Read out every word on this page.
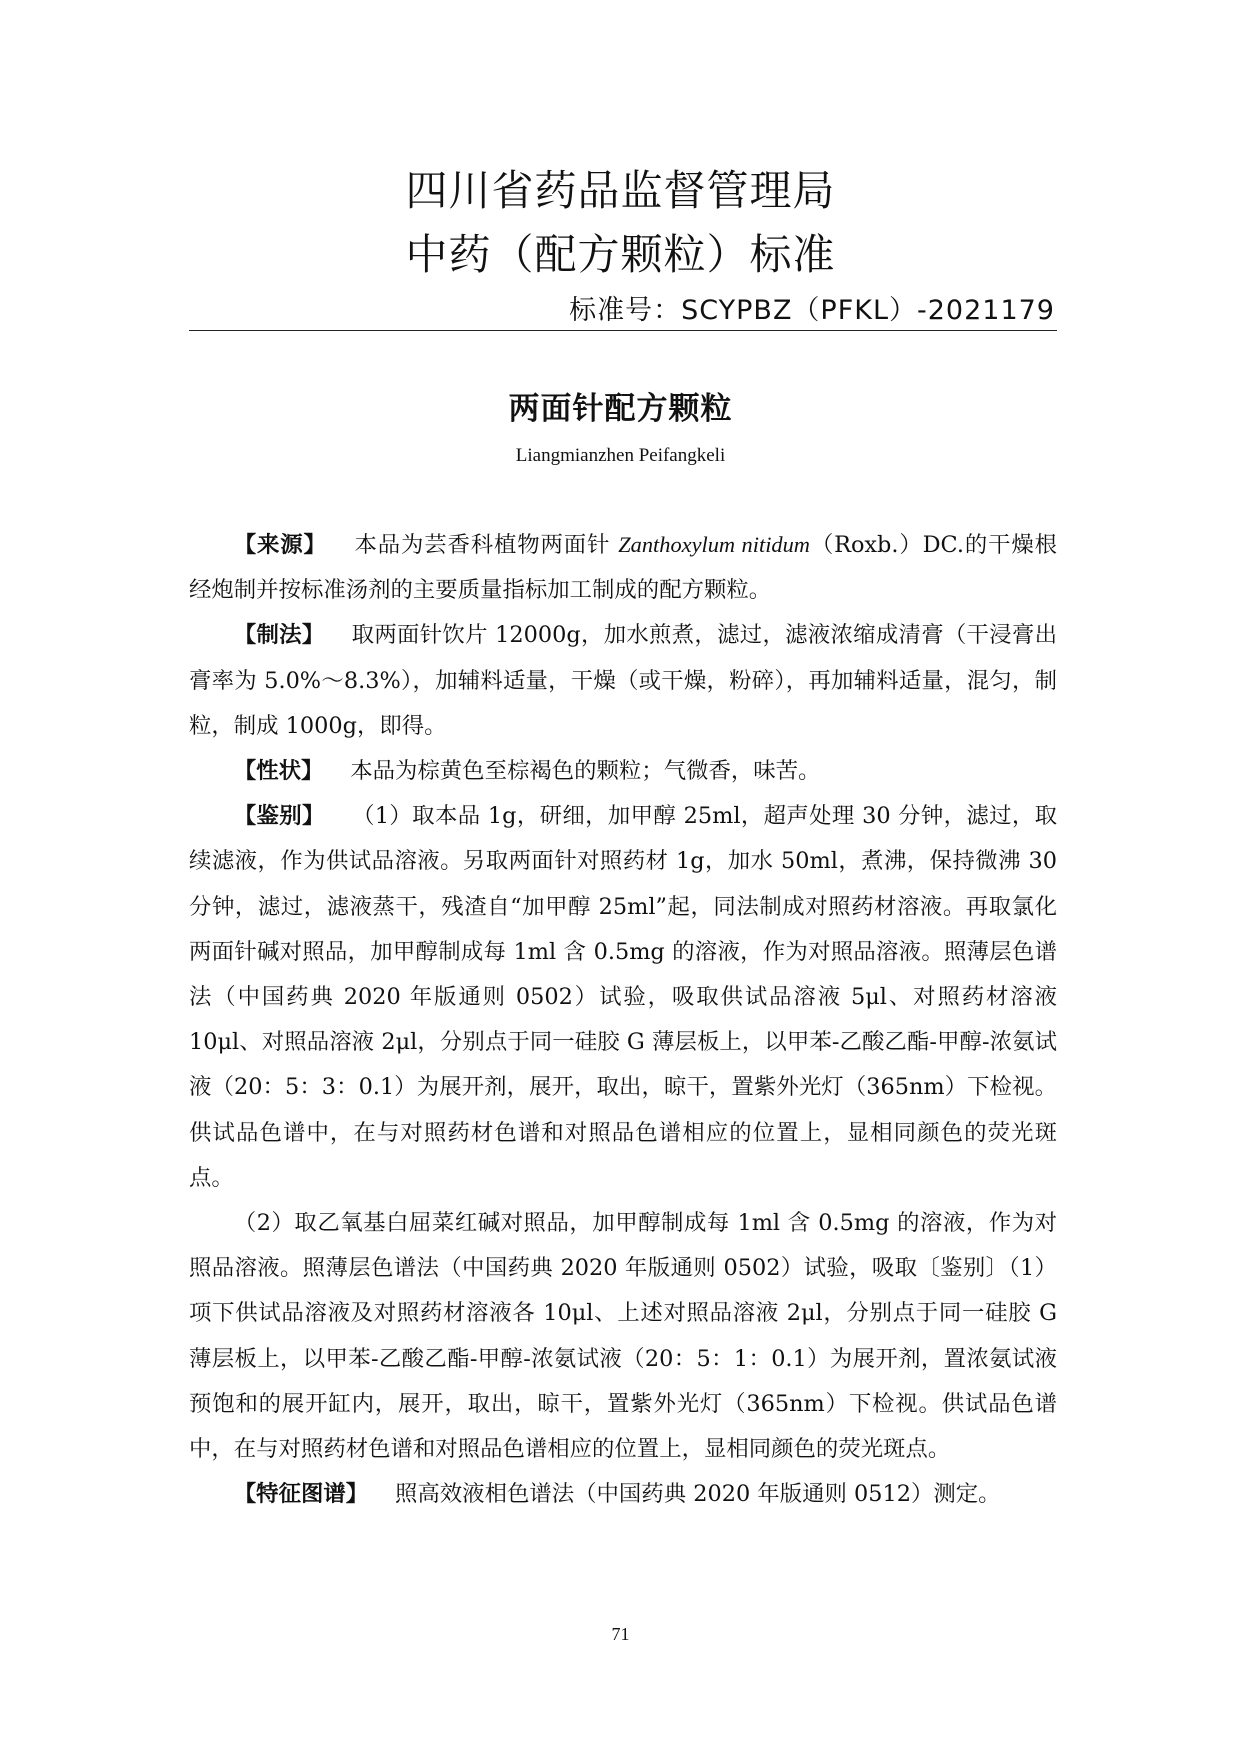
四川省药品监督管理局
中药（配方颗粒）标准
标准号：SCYPBZ（PFKL）-2021179
两面针配方颗粒
Liangmianzhen Peifangkeli

【来源】 本品为芸香科植物两面针 Zanthoxylum nitidum（Roxb.）DC.的干燥根经炮制并按标准汤剂的主要质量指标加工制成的配方颗粒。

【制法】 取两面针饮片 12000g，加水煎煮，滤过，滤液浓缩成清膏（干浸膏出膏率为 5.0%～8.3%），加辅料适量，干燥（或干燥，粉碎），再加辅料适量，混匀，制粒，制成 1000g，即得。

【性状】 本品为棕黄色至棕褐色的颗粒；气微香，味苦。

【鉴别】 （1）取本品 1g，研细，加甲醇 25ml，超声处理 30 分钟，滤过，取续滤液，作为供试品溶液。另取两面针对照药材 1g，加水 50ml，煮沸，保持微沸 30 分钟，滤过，滤液蒸干，残渣自“加甲醇 25ml”起，同法制成对照药材溶液。再取氯化两面针碱对照品，加甲醇制成每 1ml 含 0.5mg 的溶液，作为对照品溶液。照薄层色谱法（中国药典 2020 年版通则 0502）试验，吸取供试品溶液 5μl、对照药材溶液 10μl、对照品溶液 2μl，分别点于同一硅胶 G 薄层板上，以甲苯-乙酸乙酯-甲醇-浓氨试液（20：5：3：0.1）为展开剂，展开，取出，晾干，置紫外光灯（365nm）下检视。供试品色谱中，在与对照药材色谱和对照品色谱相应的位置上，显相同颜色的荧光斑点。

（2）取乙氧基白屈菜红碱对照品，加甲醇制成每 1ml 含 0.5mg 的溶液，作为对照品溶液。照薄层色谱法（中国药典 2020 年版通则 0502）试验，吸取〔鉴别〕（1）项下供试品溶液及对照药材溶液各 10μl、上述对照品溶液 2μl，分别点于同一硅胶 G 薄层板上，以甲苯-乙酸乙酯-甲醇-浓氨试液（20：5：1：0.1）为展开剂，置浓氨试液预饱和的展开缸内，展开，取出，晾干，置紫外光灯（365nm）下检视。供试品色谱中，在与对照药材色谱和对照品色谱相应的位置上，显相同颜色的荧光斑点。

【特征图谱】 照高效液相色谱法（中国药典 2020 年版通则 0512）测定。

71
